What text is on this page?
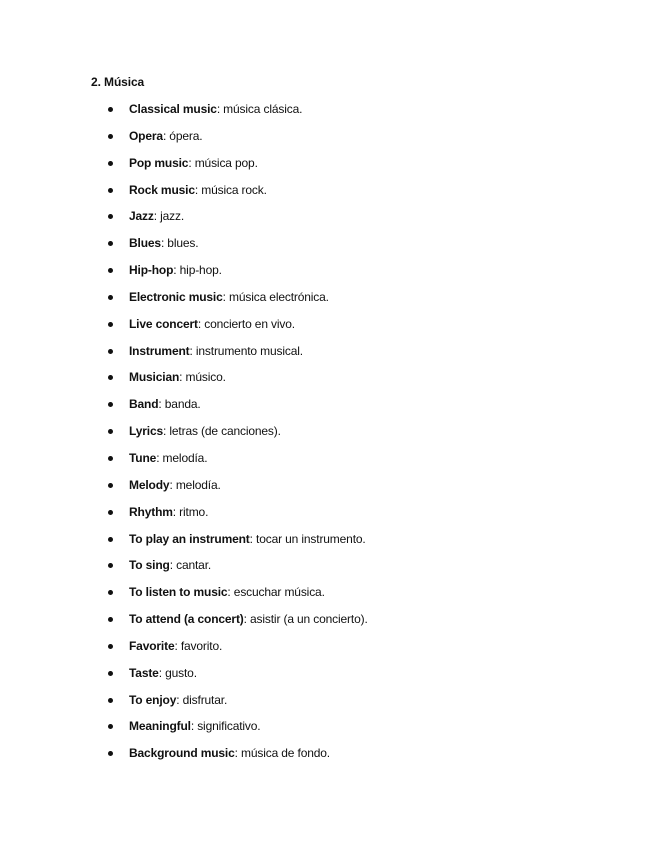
2. Música
Classical music: música clásica.
Opera: ópera.
Pop music: música pop.
Rock music: música rock.
Jazz: jazz.
Blues: blues.
Hip-hop: hip-hop.
Electronic music: música electrónica.
Live concert: concierto en vivo.
Instrument: instrumento musical.
Musician: músico.
Band: banda.
Lyrics: letras (de canciones).
Tune: melodía.
Melody: melodía.
Rhythm: ritmo.
To play an instrument: tocar un instrumento.
To sing: cantar.
To listen to music: escuchar música.
To attend (a concert): asistir (a un concierto).
Favorite: favorito.
Taste: gusto.
To enjoy: disfrutar.
Meaningful: significativo.
Background music: música de fondo.
